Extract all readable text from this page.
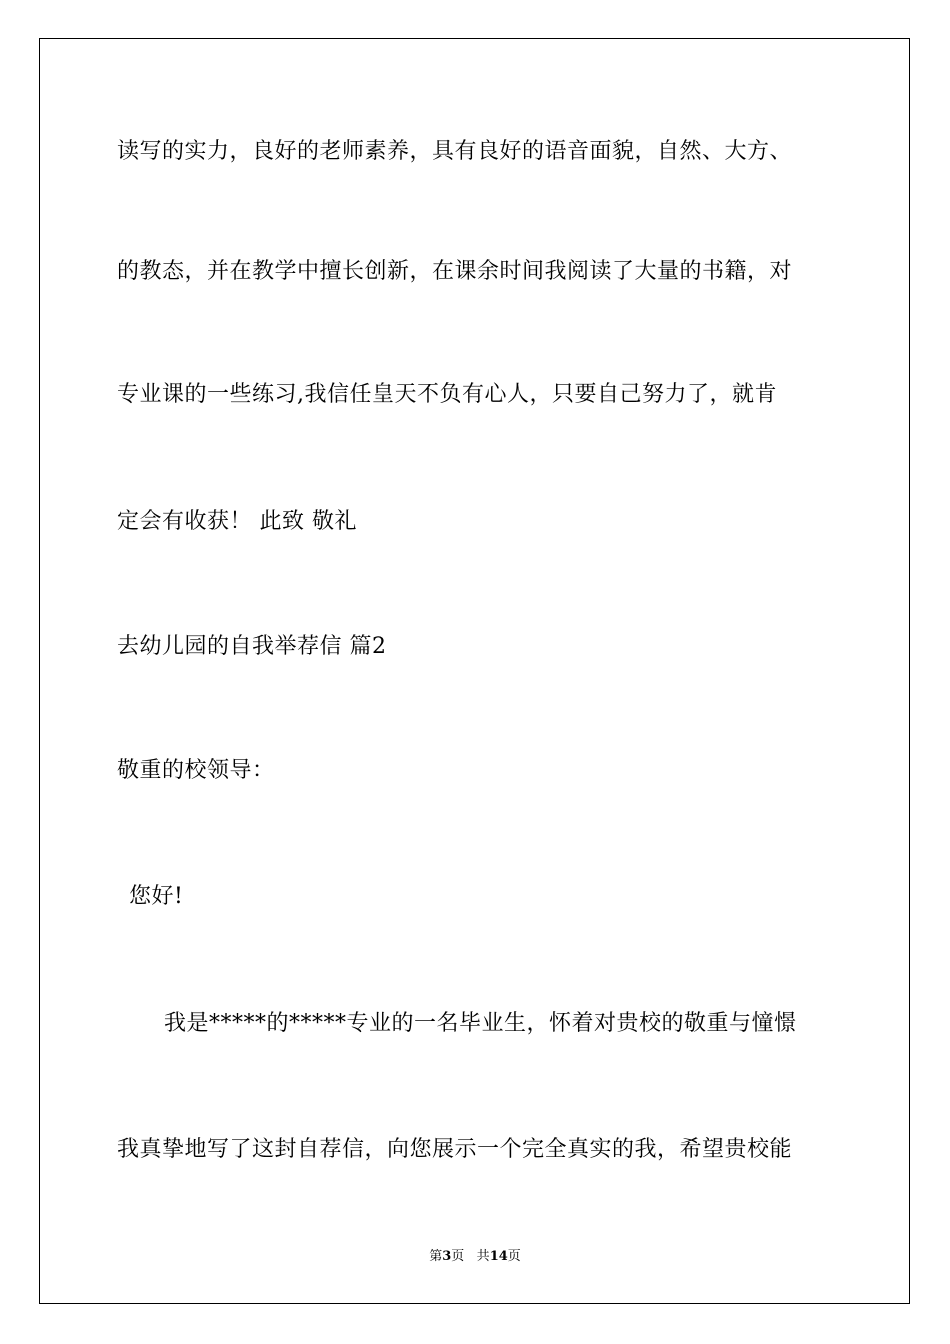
读写的实力，良好的老师素养，具有良好的语音面貌，自然、大方、
的教态，并在教学中擅长创新，在课余时间我阅读了大量的书籍，对
专业课的一些练习,我信任皇天不负有心人，只要自己努力了，就肯
定会有收获！ 此致 敬礼
去幼儿园的自我举荐信 篇2
敬重的校领导：
您好!
我是*****的*****专业的一名毕业生，怀着对贵校的敬重与憧憬
我真挚地写了这封自荐信，向您展示一个完全真实的我，希望贵校能
第3页 共14页
